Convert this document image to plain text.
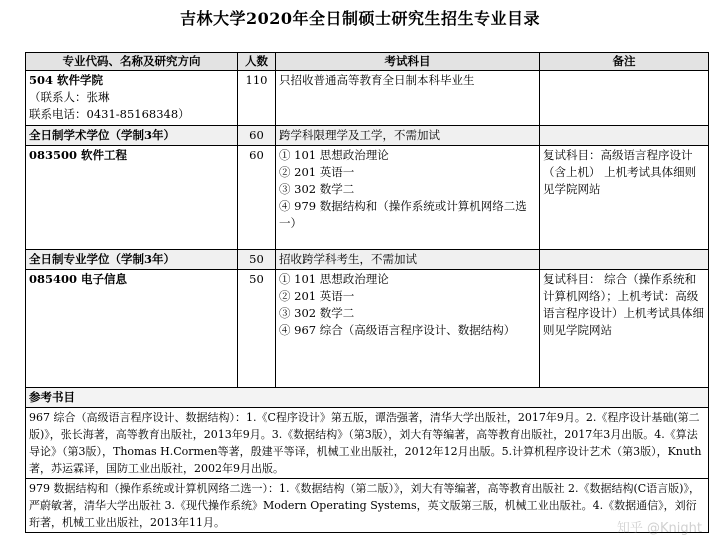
吉林大学2020年全日制硕士研究生招生专业目录
专业代码、名称及研究方向	人数	考试科目	备注

504 软件学院
（联系人：张琳
联系电话：0431-85168348）	110	只招收普通高等教育全日制本科毕业生	
全日制学术学位（学制3年）	60	跨学科限理学及工学，不需加试	
083500 软件工程	60	① 101 思想政治理论
② 201 英语一
③ 302 数学二
④ 979 数据结构和（操作系统或计算机网络二选一）	复试科目：高级语言程序设计（含上机） 上机考试具体细则见学院网站
全日制专业学位（学制3年）	50	招收跨学科考生，不需加试	
085400 电子信息	50	① 101 思想政治理论
② 201 英语一
③ 302 数学二
④ 967 综合（高级语言程序设计、数据结构）	复试科目： 综合（操作系统和计算机网络）；上机考试：高级语言程序设计）上机考试具体细则见学院网站
参考书目			
967 综合（高级语言程序设计、数据结构）：1.《C程序设计》第五版，谭浩强著，清华大学出版社，2017年9月。2.《程序设计基础(第二版)》，张长海著，高等教育出版社，2013年9月。3.《数据结构》（第3版），刘大有等编著，高等教育出版社，2017年3月出版。4.《算法导论》（第3版），Thomas H.Cormen等著，殷建平等译，机械工业出版社，2012年12月出版。5.计算机程序设计艺术（第3版），Knuth著，苏运霖译，国防工业出版社，2002年9月出版。			
979 数据结构和（操作系统或计算机网络二选一）：1.《数据结构（第二版）》，刘大有等编著，高等教育出版社 2.《数据结构(C语言版)》，严蔚敏著，清华大学出版社 3.《现代操作系统》Modern Operating Systems，英文版第三版，机械工业出版社。4.《数据通信》，刘衍珩著，机械工业出版社，2013年11月。				知乎 @Knight
